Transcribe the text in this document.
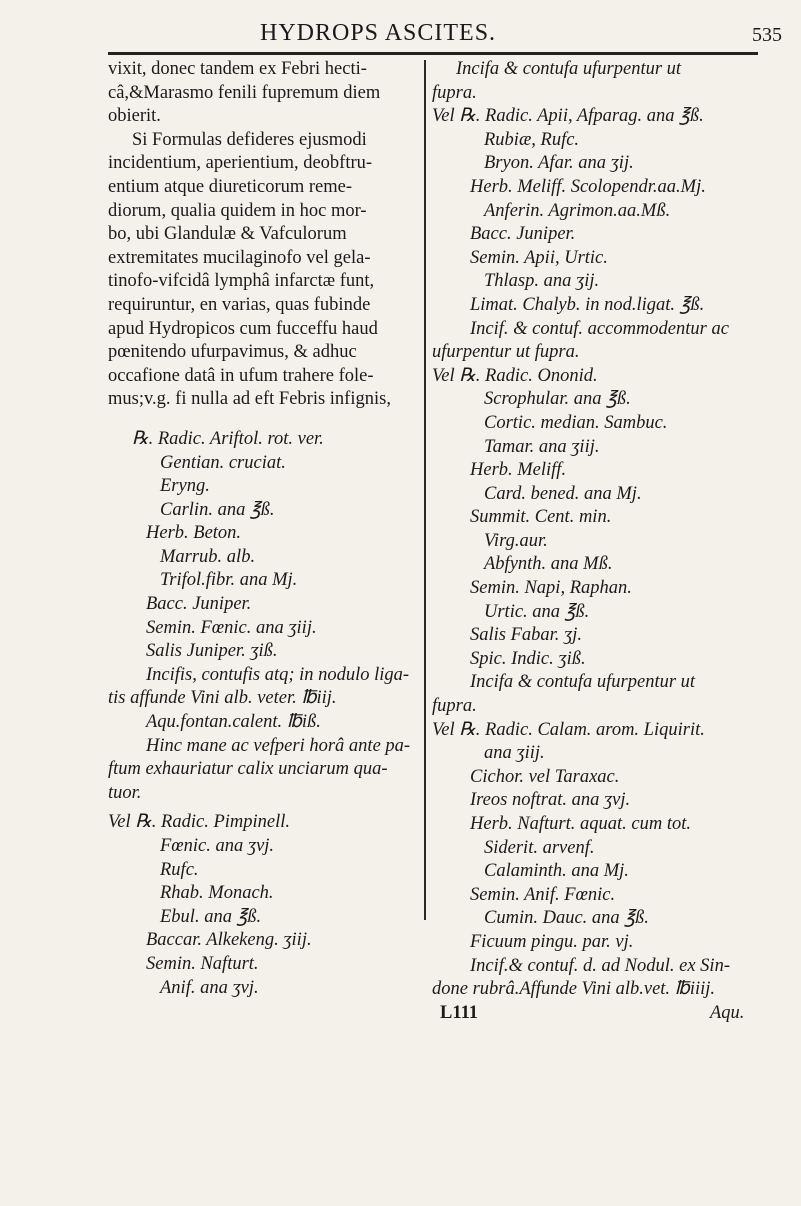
HYDROPS ASCITES.	535
vixit, donec tandem ex Febri hecti-
câ,&Marasmo fenili fupremum diem
obierit.
Si Formulas defideres ejusmodi
incidentium, aperientium, deobftru-
entium atque diureticorum reme-
diorum, qualia quidem in hoc mor-
bo, ubi Glandulæ & Vafculorum
extremitates mucilaginofo vel gela-
tinofo-vifcidâ lymphâ infarctæ funt,
requiruntur, en varias, quas fubinde
apud Hydropicos cum fucceffu haud
pœnitendo ufurpavimus, & adhuc
occafione datâ in ufum trahere fole-
mus;v.g. fi nulla ad eft Febris infignis,
℞. Radic. Ariftol. rot. ver.
Gentian. cruciat.
Eryng.
Carlin. ana ℥ß.
Herb. Beton.
Marrub. alb.
Trifol.fibr. ana Mj.
Bacc. Juniper.
Semin. Fœnic. ana ʒiij.
Salis Juniper. ʒiß.
Incifis, contufis atq; in nodulo liga-
tis affunde Vini alb. veter. ℔iij.
Aqu.fontan.calent. ℔iß.
Hinc mane ac vefperi horâ ante pa-
ftum exhauriatur calix unciarum qua-
tuor.
Vel ℞. Radic. Pimpinell.
Fœnic. ana ʒvj.
Rufc.
Rhab. Monach.
Ebul. ana ℥ß.
Baccar. Alkekeng. ʒiij.
Semin. Nafturt.
Anif. ana ʒvj.
Incifa & contufa ufurpentur ut
fupra.
Vel ℞. Radic. Apii, Afparag. ana ℥ß.
Rubiæ, Rufc.
Bryon. Afar. ana ʒij.
Herb. Meliff. Scolopendr.aa.Mj.
Anferin. Agrimon.aa.Mß.
Bacc. Juniper.
Semin. Apii, Urtic.
Thlasp. ana ʒij.
Limat. Chalyb. in nod.ligat. ℥ß.
Incif. & contuf. accommodentur ac
ufurpentur ut fupra.
Vel ℞. Radic. Ononid.
Scrophular. ana ℥ß.
Cortic. median. Sambuc.
Tamar. ana ʒiij.
Herb. Meliff.
Card. bened. ana Mj.
Summit. Cent. min.
Virg.aur.
Abfynth. ana Mß.
Semin. Napi, Raphan.
Urtic. ana ℥ß.
Salis Fabar. ʒj.
Spic. Indic. ʒiß.
Incifa & contufa ufurpentur ut
fupra.
Vel ℞. Radic. Calam. arom. Liquirit.
ana ʒiij.
Cichor. vel Taraxac.
Ireos noftrat. ana ʒvj.
Herb. Nafturt. aquat. cum tot.
Siderit. arvenf.
Calaminth. ana Mj.
Semin. Anif. Fœnic.
Cumin. Dauc. ana ℥ß.
Ficuum pingu. par. vj.
Incif.& contuf. d. ad Nodul. ex Sin-
done rubrâ.Affunde Vini alb.vet. ℔iiij.
L111	Aqu.
